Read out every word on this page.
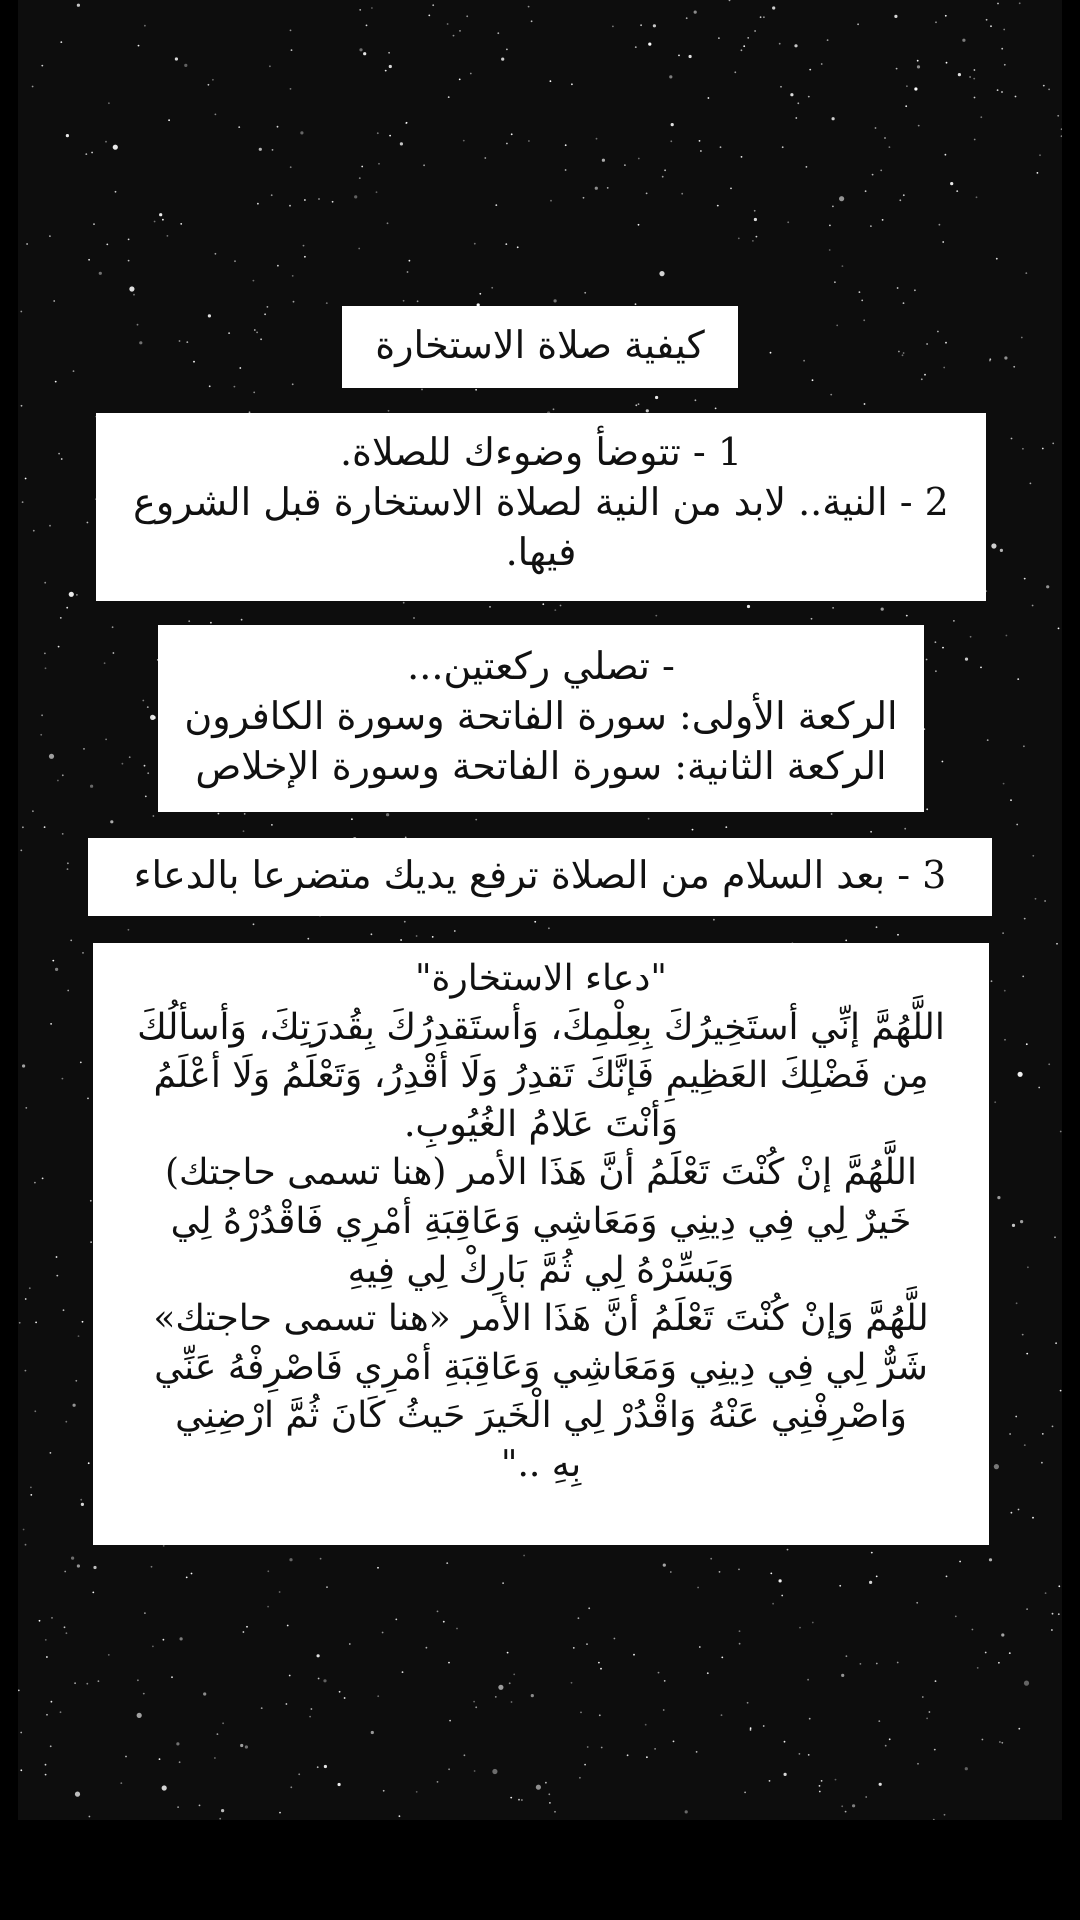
كيفية صلاة الاستخارة
1 - تتوضأ وضوءك للصلاة.
2 - النية.. لابد من النية لصلاة الاستخارة قبل الشروع
فيها.
- تصلي ركعتين...
الركعة الأولى: سورة الفاتحة وسورة الكافرون
الركعة الثانية: سورة الفاتحة وسورة الإخلاص
3 - بعد السلام من الصلاة ترفع يديك متضرعا بالدعاء
"دعاء الاستخارة"
اللَّهُمَّ إنِّي أستَخِيرُكَ بِعِلْمِكَ، وَأستَقدِرُكَ بِقُدرَتِكَ، وَأسألُكَ
مِن فَضْلِكَ العَظِيمِ فَإنَّكَ تَقدِرُ وَلَا أقْدِرُ، وَتَعْلَمُ وَلَا أعْلَمُ
وَأنْتَ عَلامُ الغُيُوبِ.
اللَّهُمَّ إنْ كُنْتَ تَعْلَمُ أنَّ هَذَا الأمر (هنا تسمى حاجتك)
خَيرٌ لِي فِي دِينِي وَمَعَاشِي وَعَاقِبَةِ أمْرِي فَاقْدُرْهُ لِي
وَيَسِّرْهُ لِي ثُمَّ بَارِكْ لِي فِيهِ
للَّهُمَّ وَإنْ كُنْتَ تَعْلَمُ أنَّ هَذَا الأمر «هنا تسمى حاجتك»
شَرٌّ لِي فِي دِينِي وَمَعَاشِي وَعَاقِبَةِ أمْرِي فَاصْرِفْهُ عَنِّي
وَاصْرِفْنِي عَنْهُ وَاقْدُرْ لِي الْخَيرَ حَيثُ كَانَ ثُمَّ ارْضِنِي
بِهِ .."
